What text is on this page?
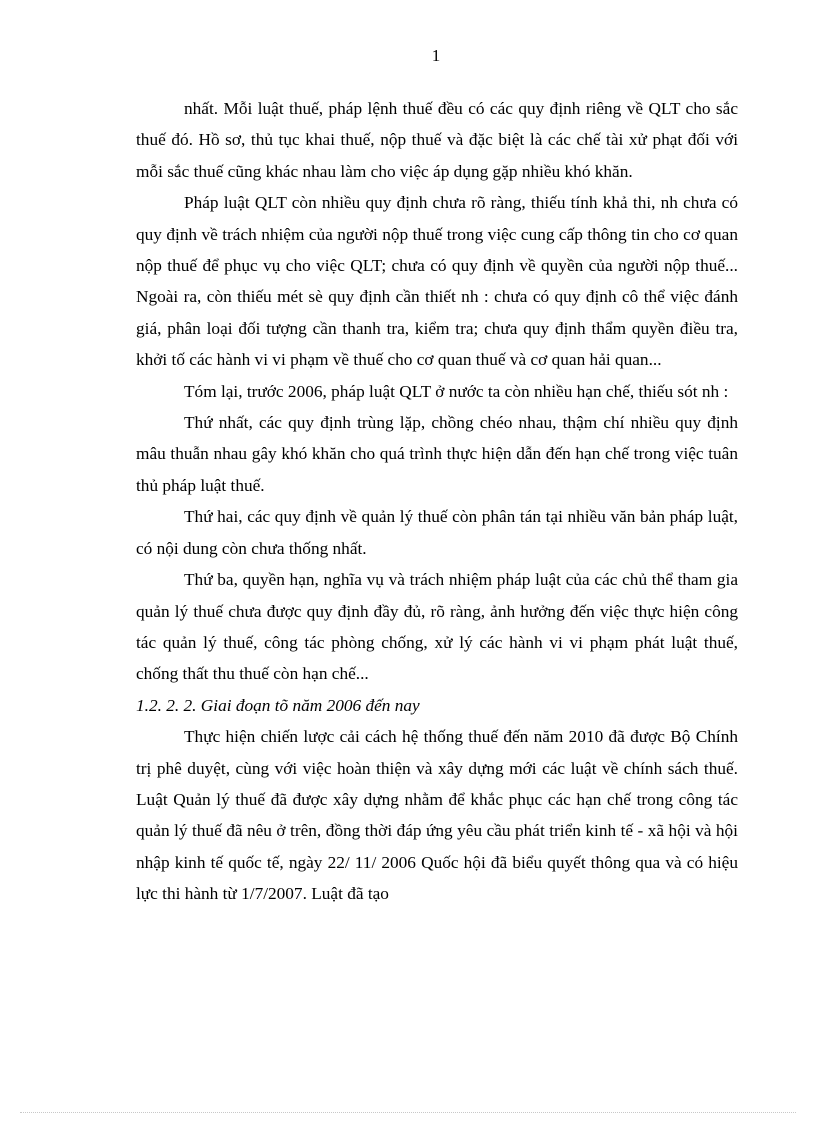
1

nhất. Mỗi luật thuế, pháp lệnh thuế đều có các quy định riêng về QLT cho sắc thuế đó. Hồ sơ, thủ tục khai thuế, nộp thuế và đặc biệt là các chế tài xử phạt đối với mỗi sắc thuế cũng khác nhau làm cho việc áp dụng gặp nhiều khó khăn.

Pháp luật QLT còn nhiều quy định chưa rõ ràng, thiếu tính khả thi, nh chưa có quy định về trách nhiệm của người nộp thuế trong việc cung cấp thông tin cho cơ quan nộp thuế để phục vụ cho việc QLT; chưa có quy định về quyền của người nộp thuế... Ngoài ra, còn thiếu mét sè quy định cần thiết nh : chưa có quy định cô thể việc đánh giá, phân loại đối tượng cần thanh tra, kiểm tra; chưa quy định thẩm quyền điều tra, khởi tố các hành vi vi phạm về thuế cho cơ quan thuế và cơ quan hải quan...

Tóm lại, trước 2006, pháp luật QLT ở nước ta còn nhiều hạn chế, thiếu sót nh :

Thứ nhất, các quy định trùng lặp, chồng chéo nhau, thậm chí nhiều quy định mâu thuẫn nhau gây khó khăn cho quá trình thực hiện dẫn đến hạn chế trong việc tuân thủ pháp luật thuế.

Thứ hai, các quy định về quản lý thuế còn phân tán tại nhiều văn bản pháp luật, có nội dung còn chưa thống nhất.

Thứ ba, quyền hạn, nghĩa vụ và trách nhiệm pháp luật của các chủ thể tham gia quản lý thuế chưa được quy định đầy đủ, rõ ràng, ảnh hưởng đến việc thực hiện công tác quản lý thuế, công tác phòng chống, xử lý các hành vi vi phạm phát luật thuế, chống thất thu thuế còn hạn chế...

1.2. 2. 2. Giai đoạn tõ năm 2006 đến nay

Thực hiện chiến lược cải cách hệ thống thuế đến năm 2010 đã được Bộ Chính trị phê duyệt, cùng với việc hoàn thiện và xây dựng mới các luật về chính sách thuế. Luật Quản lý thuế đã được xây dựng nhằm để khắc phục các hạn chế trong công tác quản lý thuế đã nêu ở trên, đồng thời đáp ứng yêu cầu phát triển kinh tế - xã hội và hội nhập kinh tế quốc tế, ngày 22/ 11/ 2006 Quốc hội đã biểu quyết thông qua và có hiệu lực thi hành từ 1/7/2007. Luật đã tạo
